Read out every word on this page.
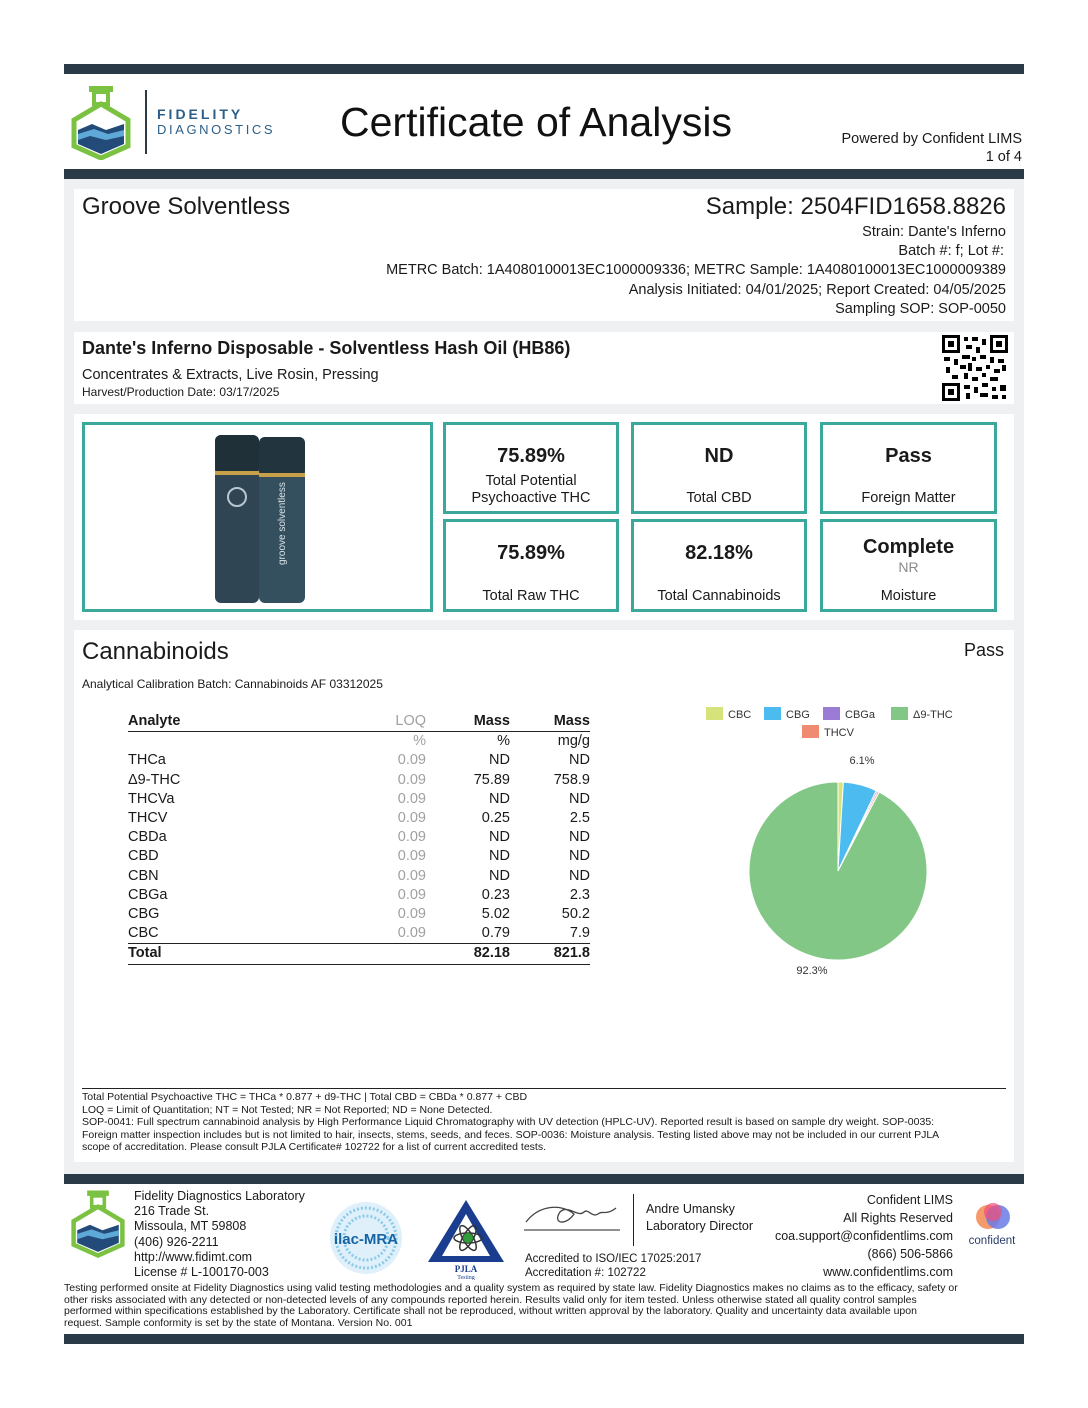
FIDELITY
DIAGNOSTICS Certificate of Analysis	Powered by Confident LIMS
1 of 4
Groove Solventless	Sample: 2504FID1658.8826
Strain: Dante's Inferno
Batch #: f; Lot #:
METRC Batch: 1A4080100013EC1000009336; METRC Sample: 1A4080100013EC1000009389
Analysis Initiated: 04/01/2025; Report Created: 04/05/2025
Sampling SOP: SOP-0050
Dante's Inferno Disposable - Solventless Hash Oil (HB86)
Concentrates & Extracts, Live Rosin, Pressing
Harvest/Production Date: 03/17/2025
groove solventless
75.89%
Total Potential
Psychoactive THC
ND
Total CBD
Pass
Foreign Matter
75.89%
Total Raw THC
82.18%
Total Cannabinoids
Complete
NR
Moisture
Cannabinoids	Pass
Analytical Calibration Batch: Cannabinoids AF 03312025
Analyte	LOQ	Mass	Mass
	%	%	mg/g
THCa	0.09	ND	ND
Δ9-THC	0.09	75.89	758.9
THCVa	0.09	ND	ND
THCV	0.09	0.25	2.5
CBDa	0.09	ND	ND
CBD	0.09	ND	ND
CBN	0.09	ND	ND
CBGa	0.09	0.23	2.3
CBG	0.09	5.02	50.2
CBC	0.09	0.79	7.9
Total		82.18	821.8
CBC	CBG	CBGa	Δ9-THC
THCV
6.1%
92.3%
Total Potential Psychoactive THC = THCa * 0.877 + d9-THC | Total CBD = CBDa * 0.877 + CBD
LOQ = Limit of Quantitation; NT = Not Tested; NR = Not Reported; ND = None Detected.
SOP-0041: Full spectrum cannabinoid analysis by High Performance Liquid Chromatography with UV detection (HPLC-UV). Reported result is based on sample dry weight. SOP-0035:
Foreign matter inspection includes but is not limited to hair, insects, stems, seeds, and feces. SOP-0036: Moisture analysis. Testing listed above may not be included in our current PJLA
scope of accreditation. Please consult PJLA Certificate# 102722 for a list of current accredited tests.
Fidelity Diagnostics Laboratory
216 Trade St.
Missoula, MT 59808
(406) 926-2211
http://www.fidimt.com
License # L-100170-003
ilac-MRA
PJLA
Testing
Andre Umansky
Laboratory Director
Accredited to ISO/IEC 17025:2017
Accreditation #: 102722
Confident LIMS
All Rights Reserved
coa.support@confidentlims.com
(866) 506-5866
www.confidentlims.com
confident
Testing performed onsite at Fidelity Diagnostics using valid testing methodologies and a quality system as required by state law. Fidelity Diagnostics makes no claims as to the efficacy, safety or
other risks associated with any detected or non-detected levels of any compounds reported herein. Results valid only for item tested. Unless otherwise stated all quality control samples
performed within specifications established by the Laboratory. Certificate shall not be reproduced, without written approval by the laboratory. Quality and uncertainty data available upon
request. Sample conformity is set by the state of Montana. Version No. 001
